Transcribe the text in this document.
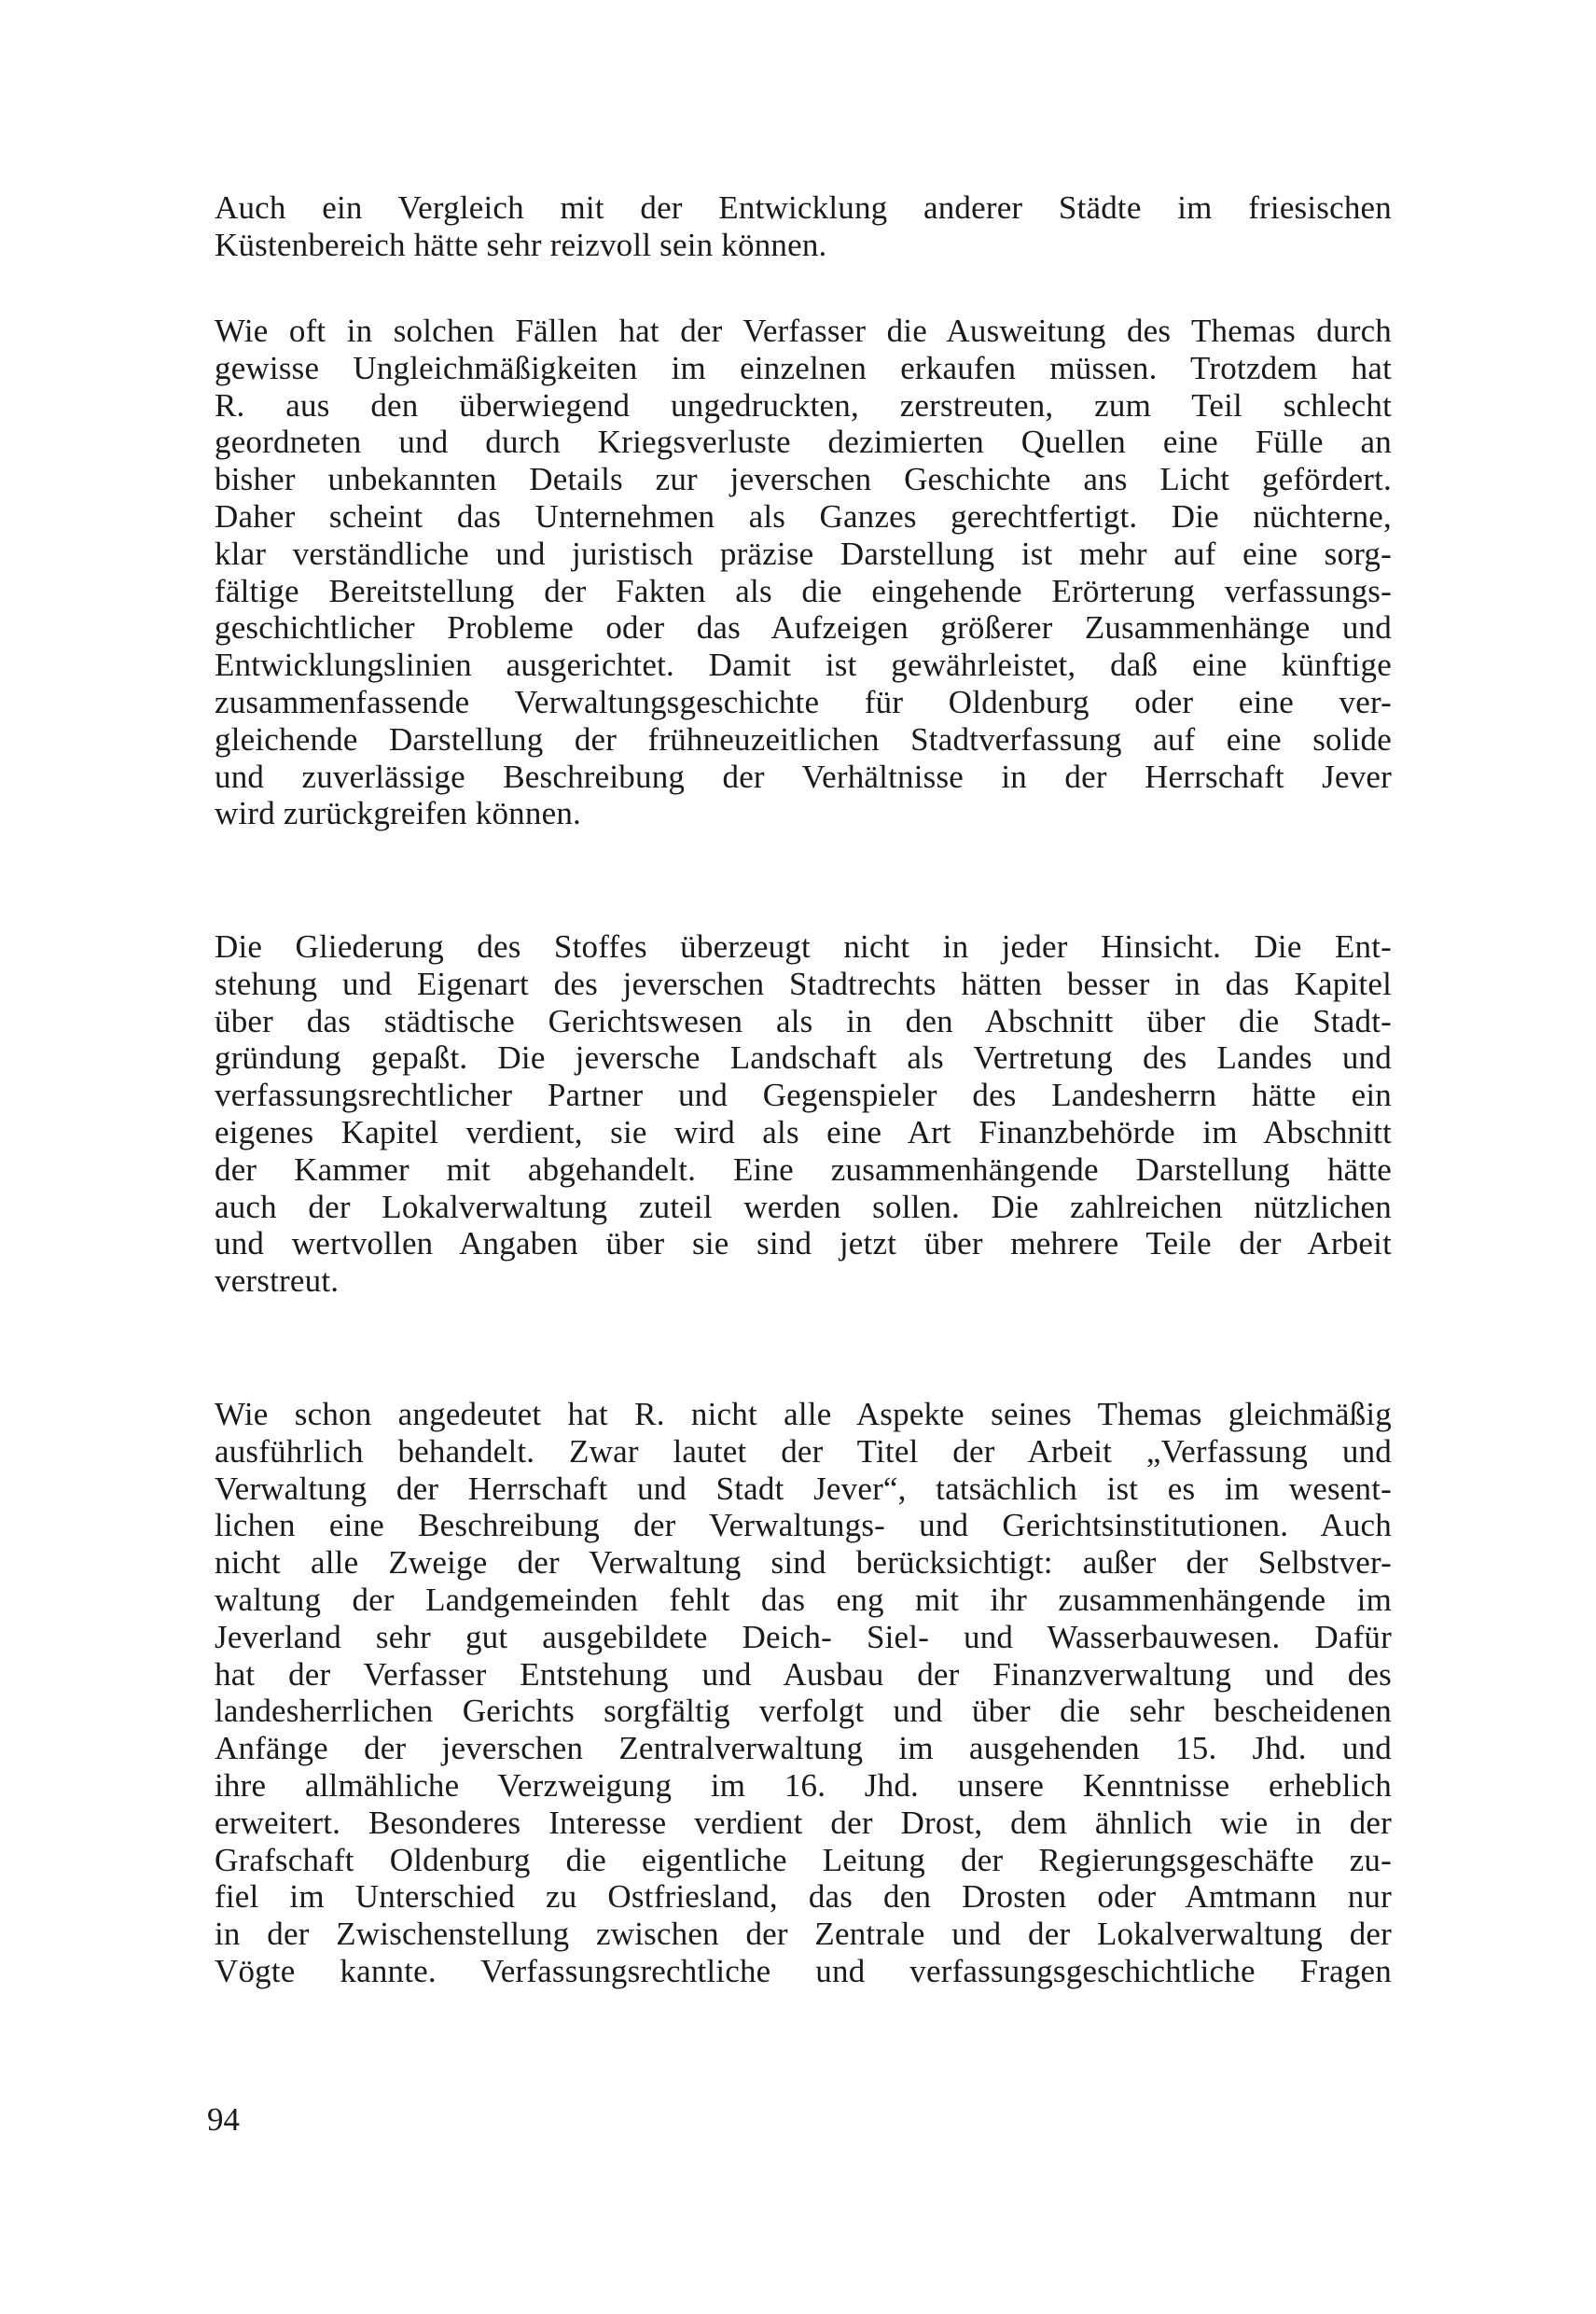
Auch ein Vergleich mit der Entwicklung anderer Städte im friesischen
Küstenbereich hätte sehr reizvoll sein können.
Wie oft in solchen Fällen hat der Verfasser die Ausweitung des Themas durch
gewisse Ungleichmäßigkeiten im einzelnen erkaufen müssen. Trotzdem hat
R. aus den überwiegend ungedruckten, zerstreuten, zum Teil schlecht
geordneten und durch Kriegsverluste dezimierten Quellen eine Fülle an
bisher unbekannten Details zur jeverschen Geschichte ans Licht gefördert.
Daher scheint das Unternehmen als Ganzes gerechtfertigt. Die nüchterne,
klar verständliche und juristisch präzise Darstellung ist mehr auf eine sorg-
fältige Bereitstellung der Fakten als die eingehende Erörterung verfassungs-
geschichtlicher Probleme oder das Aufzeigen größerer Zusammenhänge und
Entwicklungslinien ausgerichtet. Damit ist gewährleistet, daß eine künftige
zusammenfassende Verwaltungsgeschichte für Oldenburg oder eine ver-
gleichende Darstellung der frühneuzeitlichen Stadtverfassung auf eine solide
und zuverlässige Beschreibung der Verhältnisse in der Herrschaft Jever
wird zurückgreifen können.
Die Gliederung des Stoffes überzeugt nicht in jeder Hinsicht. Die Ent-
stehung und Eigenart des jeverschen Stadtrechts hätten besser in das Kapitel
über das städtische Gerichtswesen als in den Abschnitt über die Stadt-
gründung gepaßt. Die jeversche Landschaft als Vertretung des Landes und
verfassungsrechtlicher Partner und Gegenspieler des Landesherrn hätte ein
eigenes Kapitel verdient, sie wird als eine Art Finanzbehörde im Abschnitt
der Kammer mit abgehandelt. Eine zusammenhängende Darstellung hätte
auch der Lokalverwaltung zuteil werden sollen. Die zahlreichen nützlichen
und wertvollen Angaben über sie sind jetzt über mehrere Teile der Arbeit
verstreut.
Wie schon angedeutet hat R. nicht alle Aspekte seines Themas gleichmäßig
ausführlich behandelt. Zwar lautet der Titel der Arbeit „Verfassung und
Verwaltung der Herrschaft und Stadt Jever“, tatsächlich ist es im wesent-
lichen eine Beschreibung der Verwaltungs- und Gerichtsinstitutionen. Auch
nicht alle Zweige der Verwaltung sind berücksichtigt: außer der Selbstver-
waltung der Landgemeinden fehlt das eng mit ihr zusammenhängende im
Jeverland sehr gut ausgebildete Deich- Siel- und Wasserbauwesen. Dafür
hat der Verfasser Entstehung und Ausbau der Finanzverwaltung und des
landesherrlichen Gerichts sorgfältig verfolgt und über die sehr bescheidenen
Anfänge der jeverschen Zentralverwaltung im ausgehenden 15. Jhd. und
ihre allmähliche Verzweigung im 16. Jhd. unsere Kenntnisse erheblich
erweitert. Besonderes Interesse verdient der Drost, dem ähnlich wie in der
Grafschaft Oldenburg die eigentliche Leitung der Regierungsgeschäfte zu-
fiel im Unterschied zu Ostfriesland, das den Drosten oder Amtmann nur
in der Zwischenstellung zwischen der Zentrale und der Lokalverwaltung der
Vögte kannte. Verfassungsrechtliche und verfassungsgeschichtliche Fragen
94
